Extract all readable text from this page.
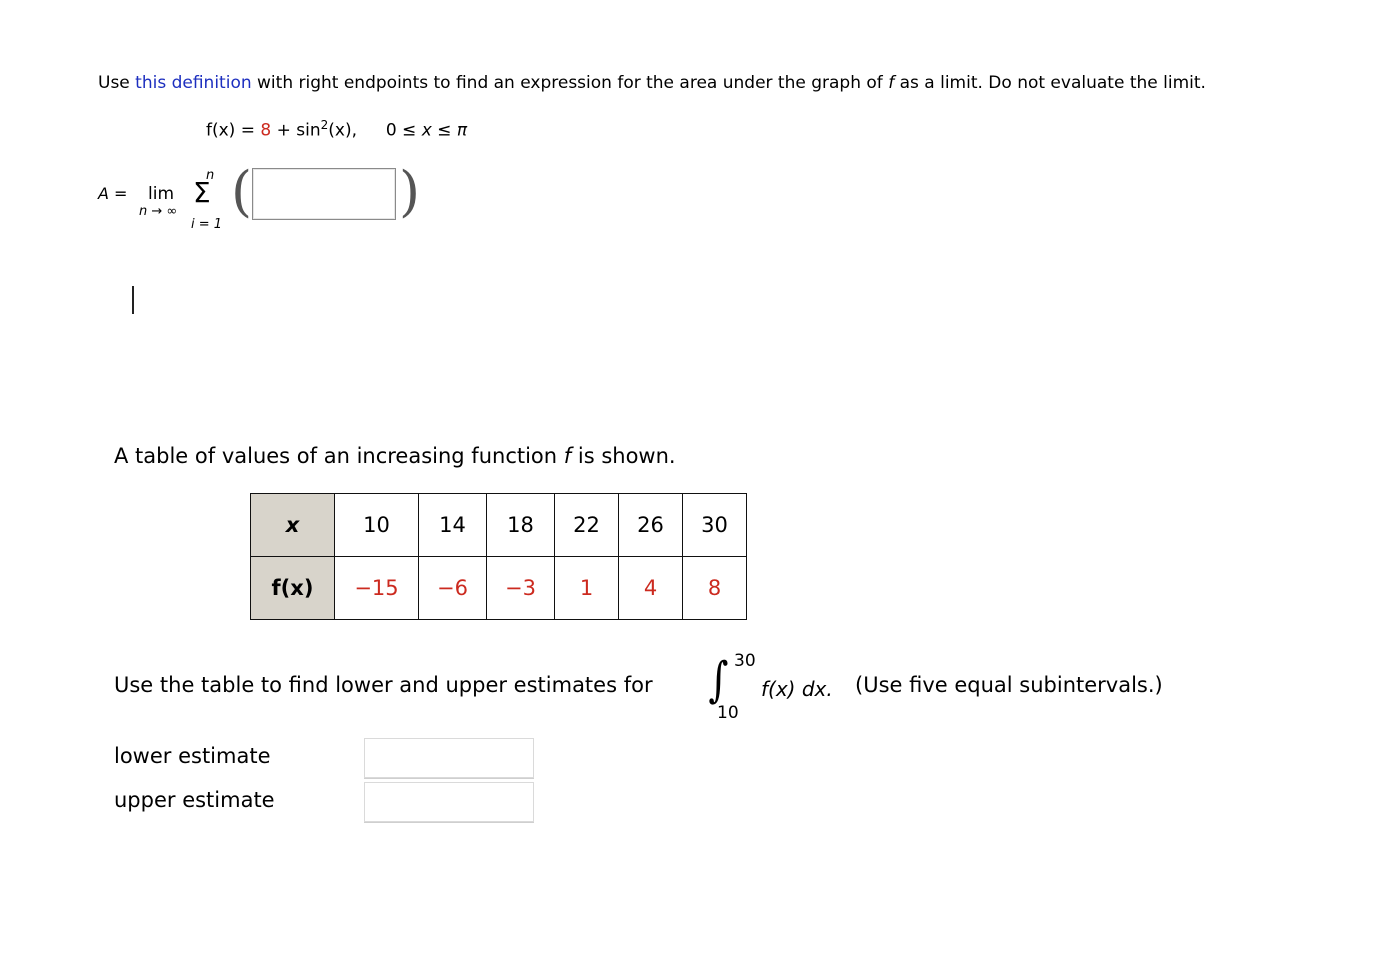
Use this definition with right endpoints to find an expression for the area under the graph of f as a limit. Do not evaluate the limit.
$f(x) = 8 + \sin^2(x)$, 0 ≤ x ≤ π
A = lim
n → ∞
n
Σ
i = 1
(	)
A table of values of an increasing function f is shown.
x	10	14	18	22	26	30
f(x)	−15	−6	−3	1	4	8
Use the table to find lower and upper estimates for ∫ 30
10
f(x) dx. (Use five equal subintervals.)
lower estimate
upper estimate
